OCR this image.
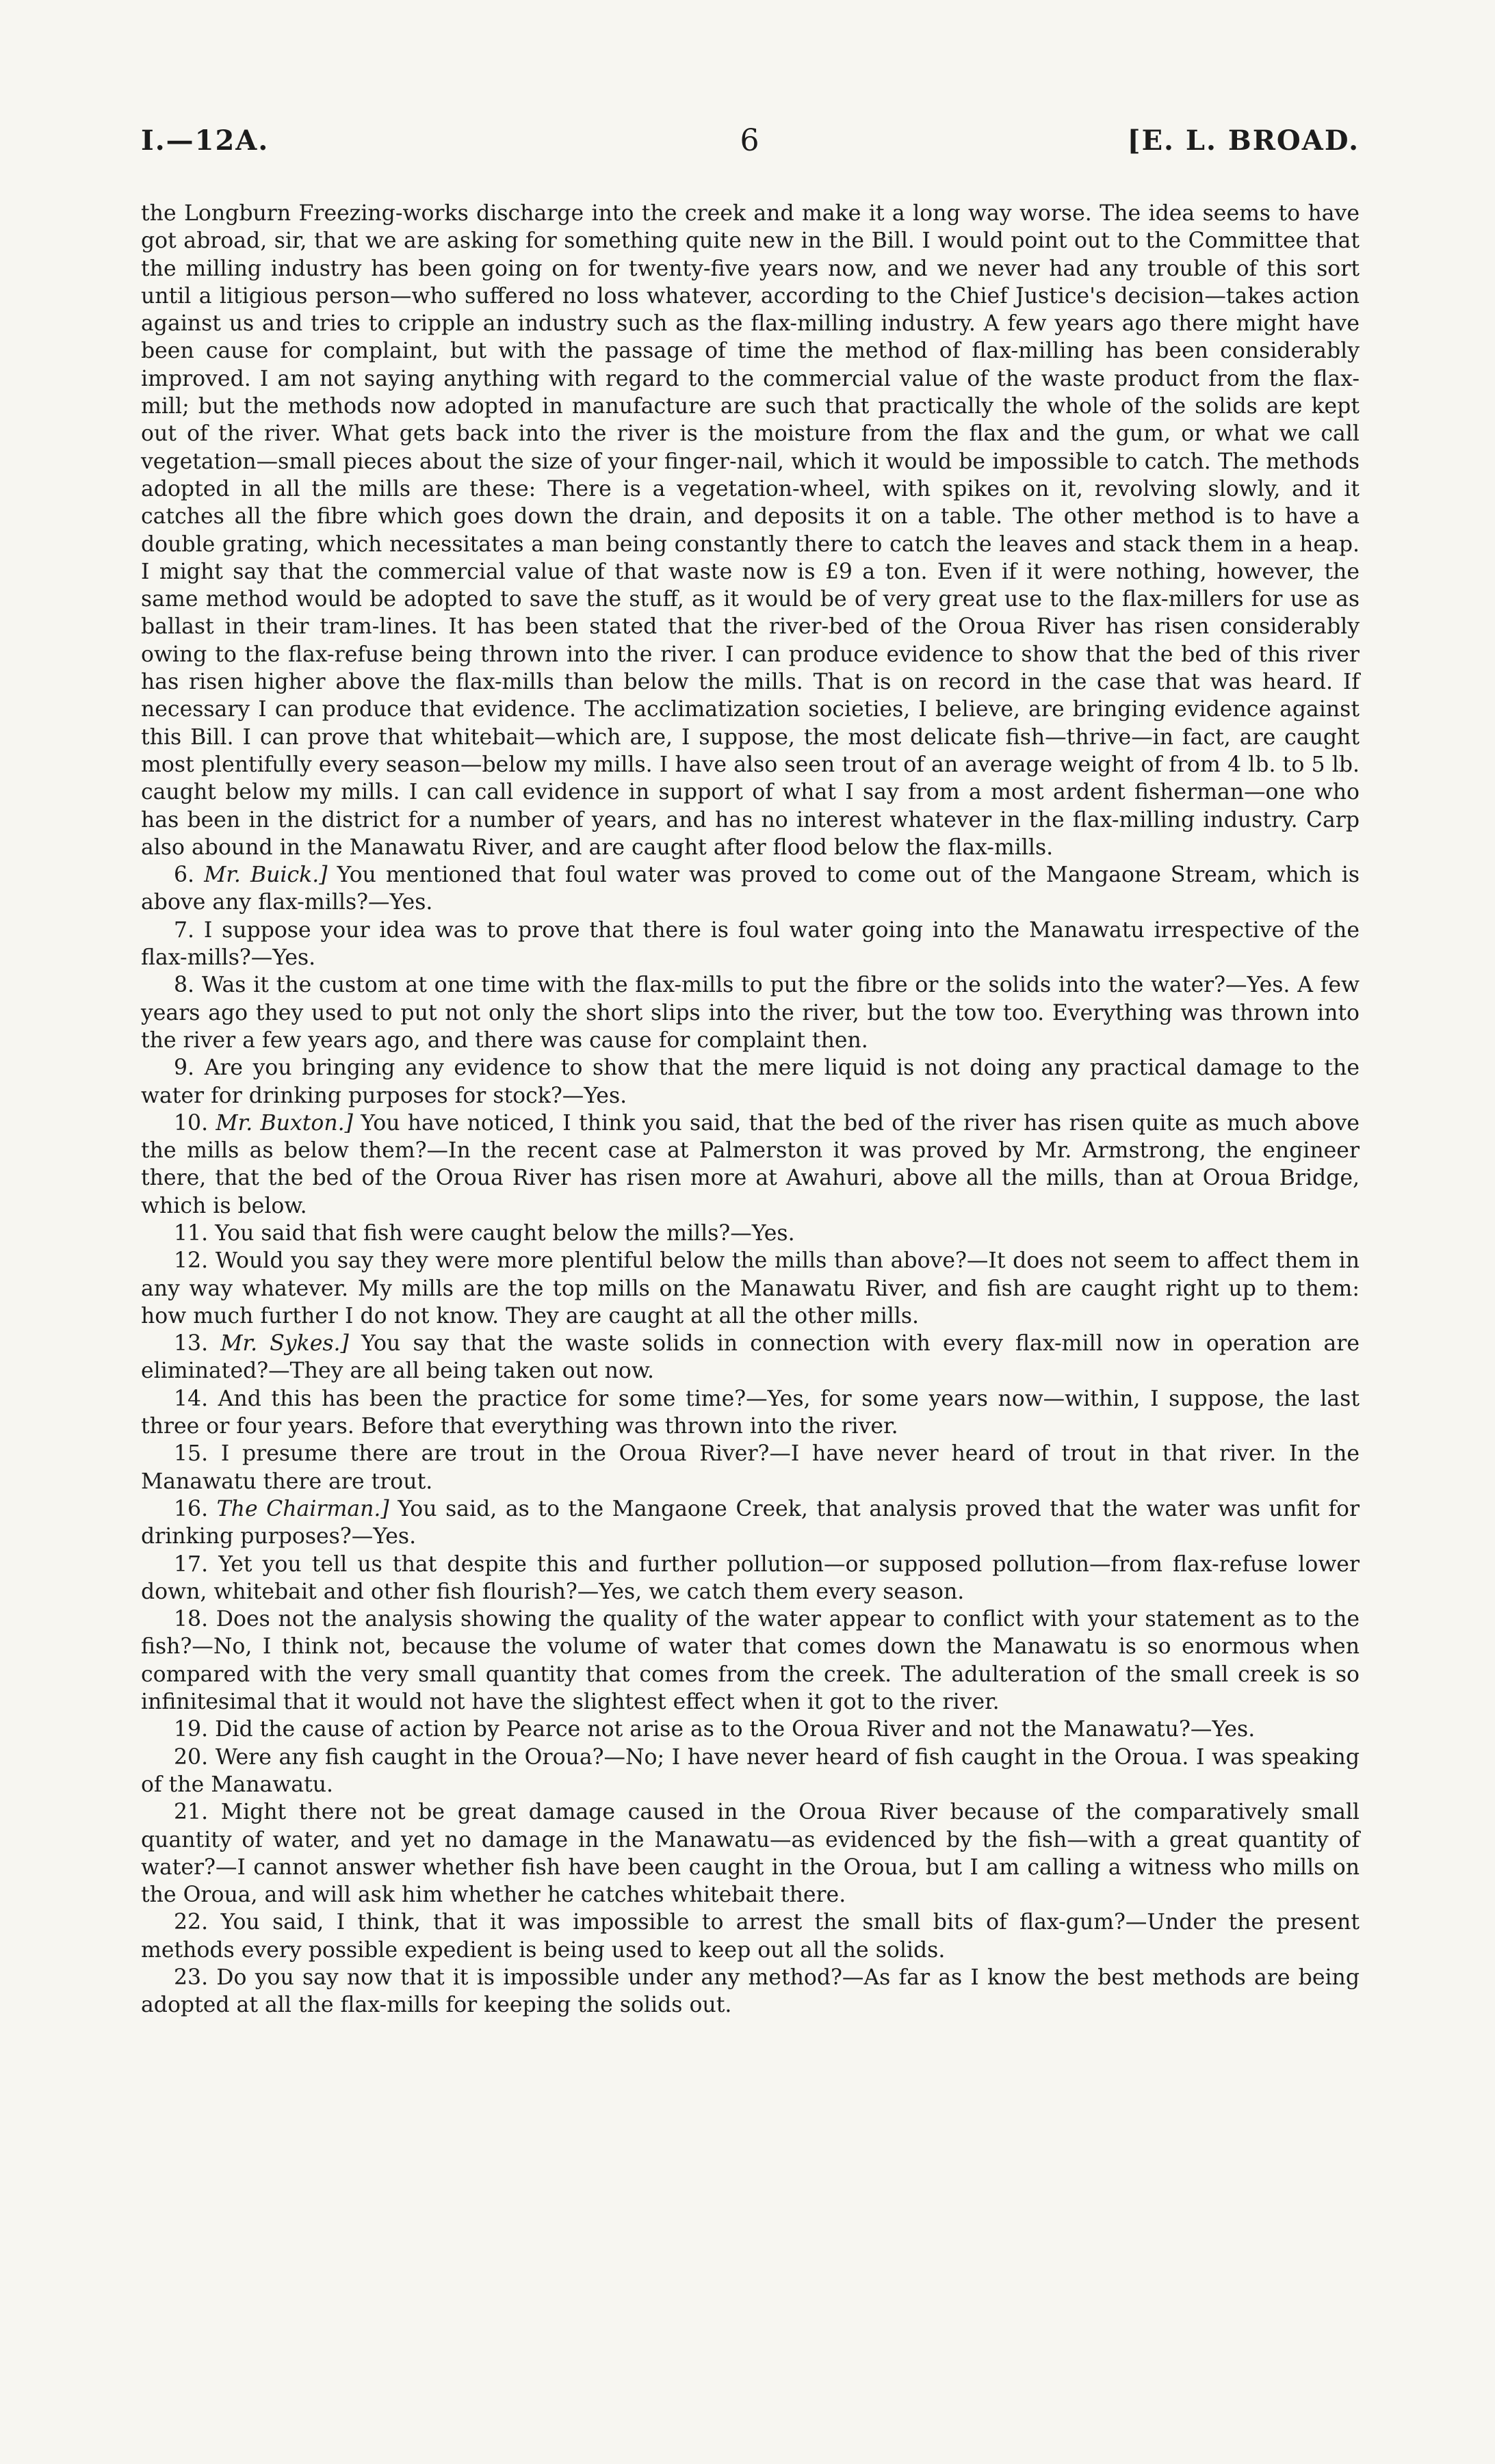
I.—12A.	6	[E. L. BROAD.

the Longburn Freezing-works discharge into the creek and make it a long way worse. The idea seems to have got abroad, sir, that we are asking for something quite new in the Bill. I would point out to the Committee that the milling industry has been going on for twenty-five years now, and we never had any trouble of this sort until a litigious person—who suffered no loss whatever, according to the Chief Justice's decision—takes action against us and tries to cripple an industry such as the flax-milling industry. A few years ago there might have been cause for complaint, but with the passage of time the method of flax-milling has been considerably improved. I am not saying anything with regard to the commercial value of the waste product from the flax-mill; but the methods now adopted in manufacture are such that practically the whole of the solids are kept out of the river. What gets back into the river is the moisture from the flax and the gum, or what we call vegetation—small pieces about the size of your finger-nail, which it would be impossible to catch. The methods adopted in all the mills are these: There is a vegetation-wheel, with spikes on it, revolving slowly, and it catches all the fibre which goes down the drain, and deposits it on a table. The other method is to have a double grating, which necessitates a man being constantly there to catch the leaves and stack them in a heap. I might say that the commercial value of that waste now is £9 a ton. Even if it were nothing, however, the same method would be adopted to save the stuff, as it would be of very great use to the flax-millers for use as ballast in their tram-lines. It has been stated that the river-bed of the Oroua River has risen considerably owing to the flax-refuse being thrown into the river. I can produce evidence to show that the bed of this river has risen higher above the flax-mills than below the mills. That is on record in the case that was heard. If necessary I can produce that evidence. The acclimatization societies, I believe, are bringing evidence against this Bill. I can prove that whitebait—which are, I suppose, the most delicate fish—thrive—in fact, are caught most plentifully every season—below my mills. I have also seen trout of an average weight of from 4 lb. to 5 lb. caught below my mills. I can call evidence in support of what I say from a most ardent fisherman—one who has been in the district for a number of years, and has no interest whatever in the flax-milling industry. Carp also abound in the Manawatu River, and are caught after flood below the flax-mills.

6. Mr. Buick.] You mentioned that foul water was proved to come out of the Mangaone Stream, which is above any flax-mills?—Yes.

7. I suppose your idea was to prove that there is foul water going into the Manawatu irrespective of the flax-mills?—Yes.

8. Was it the custom at one time with the flax-mills to put the fibre or the solids into the water?—Yes. A few years ago they used to put not only the short slips into the river, but the tow too. Everything was thrown into the river a few years ago, and there was cause for complaint then.

9. Are you bringing any evidence to show that the mere liquid is not doing any practical damage to the water for drinking purposes for stock?—Yes.

10. Mr. Buxton.] You have noticed, I think you said, that the bed of the river has risen quite as much above the mills as below them?—In the recent case at Palmerston it was proved by Mr. Armstrong, the engineer there, that the bed of the Oroua River has risen more at Awahuri, above all the mills, than at Oroua Bridge, which is below.

11. You said that fish were caught below the mills?—Yes.

12. Would you say they were more plentiful below the mills than above?—It does not seem to affect them in any way whatever. My mills are the top mills on the Manawatu River, and fish are caught right up to them: how much further I do not know. They are caught at all the other mills.

13. Mr. Sykes.] You say that the waste solids in connection with every flax-mill now in operation are eliminated?—They are all being taken out now.

14. And this has been the practice for some time?—Yes, for some years now—within, I suppose, the last three or four years. Before that everything was thrown into the river.

15. I presume there are trout in the Oroua River?—I have never heard of trout in that river. In the Manawatu there are trout.

16. The Chairman.] You said, as to the Mangaone Creek, that analysis proved that the water was unfit for drinking purposes?—Yes.

17. Yet you tell us that despite this and further pollution—or supposed pollution—from flax-refuse lower down, whitebait and other fish flourish?—Yes, we catch them every season.

18. Does not the analysis showing the quality of the water appear to conflict with your statement as to the fish?—No, I think not, because the volume of water that comes down the Manawatu is so enormous when compared with the very small quantity that comes from the creek. The adulteration of the small creek is so infinitesimal that it would not have the slightest effect when it got to the river.

19. Did the cause of action by Pearce not arise as to the Oroua River and not the Manawatu?—Yes.

20. Were any fish caught in the Oroua?—No; I have never heard of fish caught in the Oroua. I was speaking of the Manawatu.

21. Might there not be great damage caused in the Oroua River because of the comparatively small quantity of water, and yet no damage in the Manawatu—as evidenced by the fish—with a great quantity of water?—I cannot answer whether fish have been caught in the Oroua, but I am calling a witness who mills on the Oroua, and will ask him whether he catches whitebait there.

22. You said, I think, that it was impossible to arrest the small bits of flax-gum?—Under the present methods every possible expedient is being used to keep out all the solids.

23. Do you say now that it is impossible under any method?—As far as I know the best methods are being adopted at all the flax-mills for keeping the solids out.
